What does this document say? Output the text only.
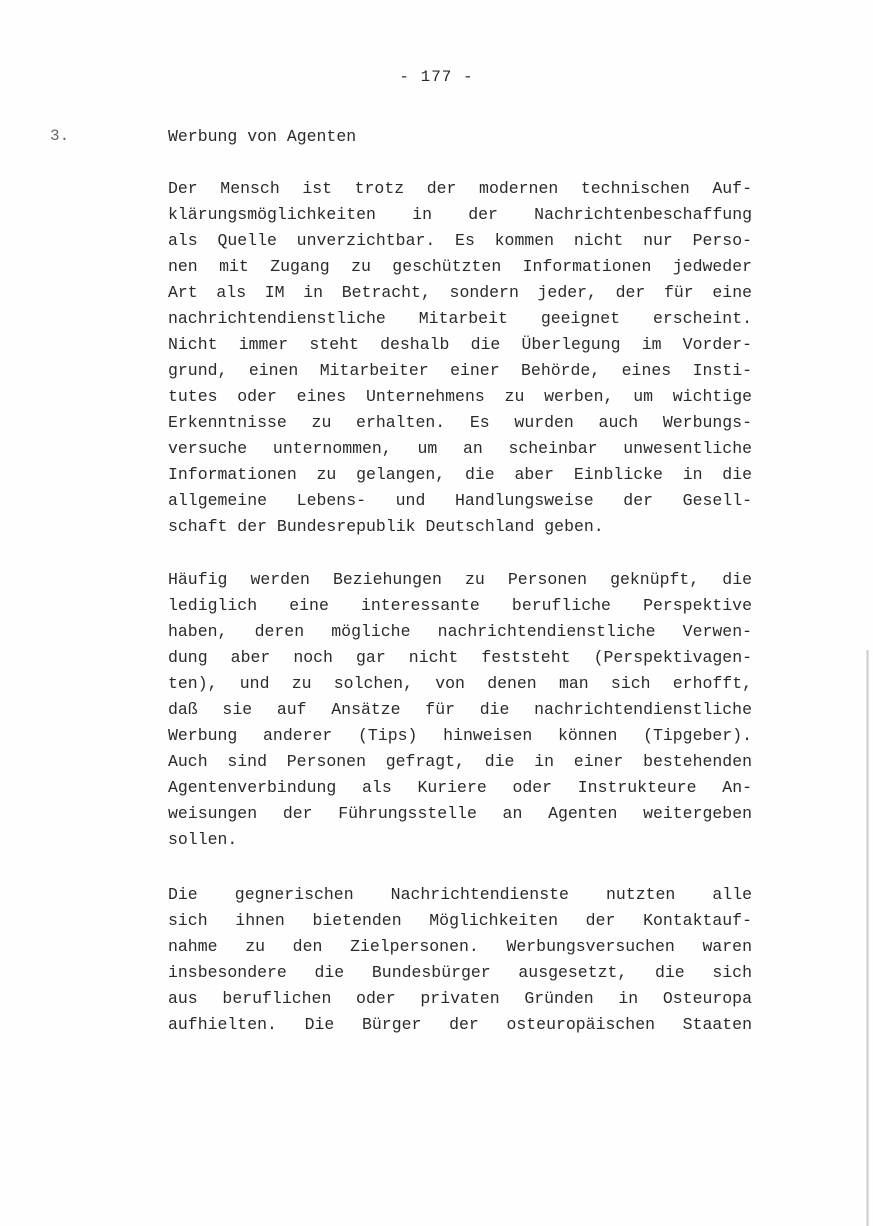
- 177 -
3.	Werbung von Agenten
Der Mensch ist trotz der modernen technischen Auf-
klärungsmöglichkeiten in der Nachrichtenbeschaffung
als Quelle unverzichtbar. Es kommen nicht nur Perso-
nen mit Zugang zu geschützten Informationen jedweder
Art als IM in Betracht, sondern jeder, der für eine
nachrichtendienstliche Mitarbeit geeignet erscheint.
Nicht immer steht deshalb die Überlegung im Vorder-
grund, einen Mitarbeiter einer Behörde, eines Insti-
tutes oder eines Unternehmens zu werben, um wichtige
Erkenntnisse zu erhalten. Es wurden auch Werbungs-
versuche unternommen, um an scheinbar unwesentliche
Informationen zu gelangen, die aber Einblicke in die
allgemeine Lebens- und Handlungsweise der Gesell-
schaft der Bundesrepublik Deutschland geben.
Häufig werden Beziehungen zu Personen geknüpft, die
lediglich eine interessante berufliche Perspektive
haben, deren mögliche nachrichtendienstliche Verwen-
dung aber noch gar nicht feststeht (Perspektivagen-
ten), und zu solchen, von denen man sich erhofft,
daß sie auf Ansätze für die nachrichtendienstliche
Werbung anderer (Tips) hinweisen können (Tipgeber).
Auch sind Personen gefragt, die in einer bestehenden
Agentenverbindung als Kuriere oder Instrukteure An-
weisungen der Führungsstelle an Agenten weitergeben
sollen.
Die gegnerischen Nachrichtendienste nutzten alle
sich ihnen bietenden Möglichkeiten der Kontaktauf-
nahme zu den Zielpersonen. Werbungsversuchen waren
insbesondere die Bundesbürger ausgesetzt, die sich
aus beruflichen oder privaten Gründen in Osteuropa
aufhielten. Die Bürger der osteuropäischen Staaten
